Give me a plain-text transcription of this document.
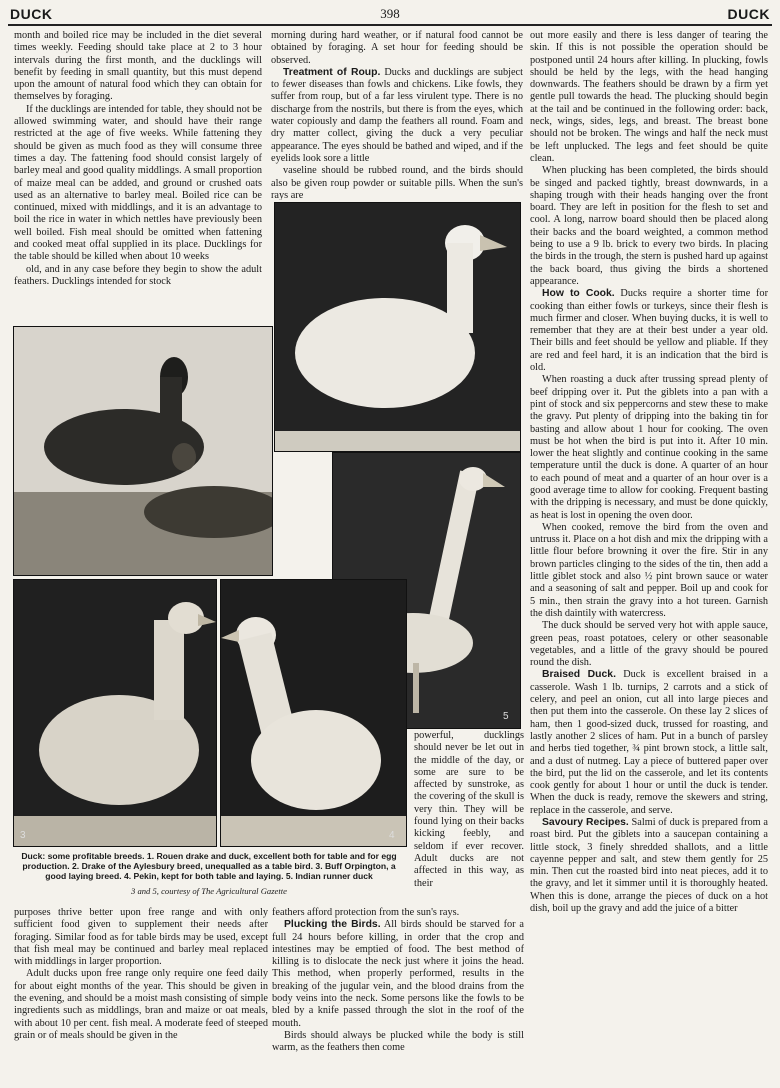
DUCK	398	DUCK

month and boiled rice may be included in the diet several times weekly. Feeding should take place at 2 to 3 hour intervals during the first month, and the ducklings will benefit by feeding in small quantity, but this must depend upon the amount of natural food which they can obtain for themselves by foraging.

If the ducklings are intended for table, they should not be allowed swimming water, and should have their range restricted at the age of five weeks. While fattening they should be given as much food as they will consume three times a day. The fattening food should consist largely of barley meal and good quality middlings. A small proportion of maize meal can be added, and ground or crushed oats used as an alternative to barley meal. Boiled rice can be continued, mixed with middlings, and it is an advantage to boil the rice in water in which nettles have previously been well boiled. Fish meal should be omitted when fattening and cooked meat offal supplied in its place. Ducklings for the table should be killed when about 10 weeks

old, and in any case before they begin to show the adult feathers. Ducklings intended for stock

morning during hard weather, or if natural food cannot be obtained by foraging. A set hour for feeding should be observed.

Treatment of Roup. Ducks and ducklings are subject to fewer diseases than fowls and chickens. Like fowls, they suffer from roup, but of a far less virulent type. There is no discharge from the nostrils, but there is from the eyes, which water copiously and damp the feathers all round. Foam and dry matter collect, giving the duck a very peculiar appearance. The eyes should be bathed and wiped, and if the eyelids look sore a little

vaseline should be rubbed round, and the birds should also be given roup powder or suitable pills. When the sun's rays are

out more easily and there is less danger of tearing the skin. If this is not possible the operation should be postponed until 24 hours after killing. In plucking, fowls should be held by the legs, with the head hanging downwards. The feathers should be drawn by a firm yet gentle pull towards the head. The plucking should begin at the tail and be continued in the following order: back, neck, wings, sides, legs, and breast. The breast bone should not be broken. The wings and half the neck must be left unplucked. The legs and feet should be quite clean.

When plucking has been completed, the birds should be singed and packed tightly, breast downwards, in a shaping trough with their heads hanging over the front board. They are left in position for the flesh to set and cool. A long, narrow board should then be placed along their backs and the board weighted, a common method being to use a 9 lb. brick to every two birds. In placing the birds in the trough, the stern is pushed hard up against the back board, thus giving the birds a shortened appearance.

How to Cook. Ducks require a shorter time for cooking than either fowls or turkeys, since their flesh is much firmer and closer. When buying ducks, it is well to remember that they are at their best under a year old. Their bills and feet should be yellow and pliable. If they are red and feel hard, it is an indication that the bird is old.

When roasting a duck after trussing spread plenty of beef dripping over it. Put the giblets into a pan with a pint of stock and six peppercorns and stew these to make the gravy. Put plenty of dripping into the baking tin for basting and allow about 1 hour for cooking. The oven must be hot when the bird is put into it. After 10 min. lower the heat slightly and continue cooking in the same temperature until the duck is done. A quarter of an hour to each pound of meat and a quarter of an hour over is a good average time to allow for cooking. Frequent basting with the dripping is necessary, and must be done quickly, as heat is lost in opening the oven door.

When cooked, remove the bird from the oven and untruss it. Place on a hot dish and mix the dripping with a little flour before browning it over the fire. Stir in any brown particles clinging to the sides of the tin, then add a little giblet stock and also ½ pint brown sauce or water and a seasoning of salt and pepper. Boil up and cook for 5 min., then strain the gravy into a hot tureen. Garnish the dish daintily with watercress.

The duck should be served very hot with apple sauce, green peas, roast potatoes, celery or other seasonable vegetables, and a little of the gravy should be poured round the dish.

Braised Duck. Duck is excellent braised in a casserole. Wash 1 lb. turnips, 2 carrots and a stick of celery, and peel an onion, cut all into large pieces and then put them into the casserole. On these lay 2 slices of ham, then 1 good-sized duck, trussed for roasting, and lastly another 2 slices of ham. Put in a bunch of parsley and herbs tied together, ¾ pint brown stock, a little salt, and a dust of nutmeg. Lay a piece of buttered paper over the bird, put the lid on the casserole, and let its contents cook gently for about 1 hour or until the duck is tender. When the duck is ready, remove the skewers and string, replace in the casserole, and serve.

Savoury Recipes. Salmi of duck is prepared from a roast bird. Put the giblets into a saucepan containing a little stock, 3 finely shredded shallots, and a little cayenne pepper and salt, and stew them gently for 25 min. Then cut the roasted bird into neat pieces, add it to the gravy, and let it simmer until it is thoroughly heated. When this is done, arrange the pieces of duck on a hot dish, boil up the gravy and add the juice of a bitter

5
3	4

powerful, ducklings should never be let out in the middle of the day, or some are sure to be affected by sunstroke, as the covering of the skull is very thin. They will be found lying on their backs kicking feebly, and seldom if ever recover. Adult ducks are not affected in this way, as their

Duck: some profitable breeds. 1. Rouen drake and duck, excellent both for table and for egg production. 2. Drake of the Aylesbury breed, unequalled as a table bird. 3. Buff Orpington, a good laying breed. 4. Pekin, kept for both table and laying. 5. Indian runner duck
3 and 5, courtesy of The Agricultural Gazette

purposes thrive better upon free range and with only sufficient food given to supplement their needs after foraging. Similar food as for table birds may be used, except that fish meal may be continued and barley meal replaced with middlings in larger proportion.

Adult ducks upon free range only require one feed daily for about eight months of the year. This should be given in the evening, and should be a moist mash consisting of simple ingredients such as middlings, bran and maize or oat meals, with about 10 per cent. fish meal. A moderate feed of steeped grain or of meals should be given in the

feathers afford protection from the sun's rays.

Plucking the Birds. All birds should be starved for a full 24 hours before killing, in order that the crop and intestines may be emptied of food. The best method of killing is to dislocate the neck just where it joins the head. This method, when properly performed, results in the breaking of the jugular vein, and the blood drains from the body veins into the neck. Some persons like the fowls to be bled by a knife passed through the slot in the roof of the mouth.

Birds should always be plucked while the body is still warm, as the feathers then come
